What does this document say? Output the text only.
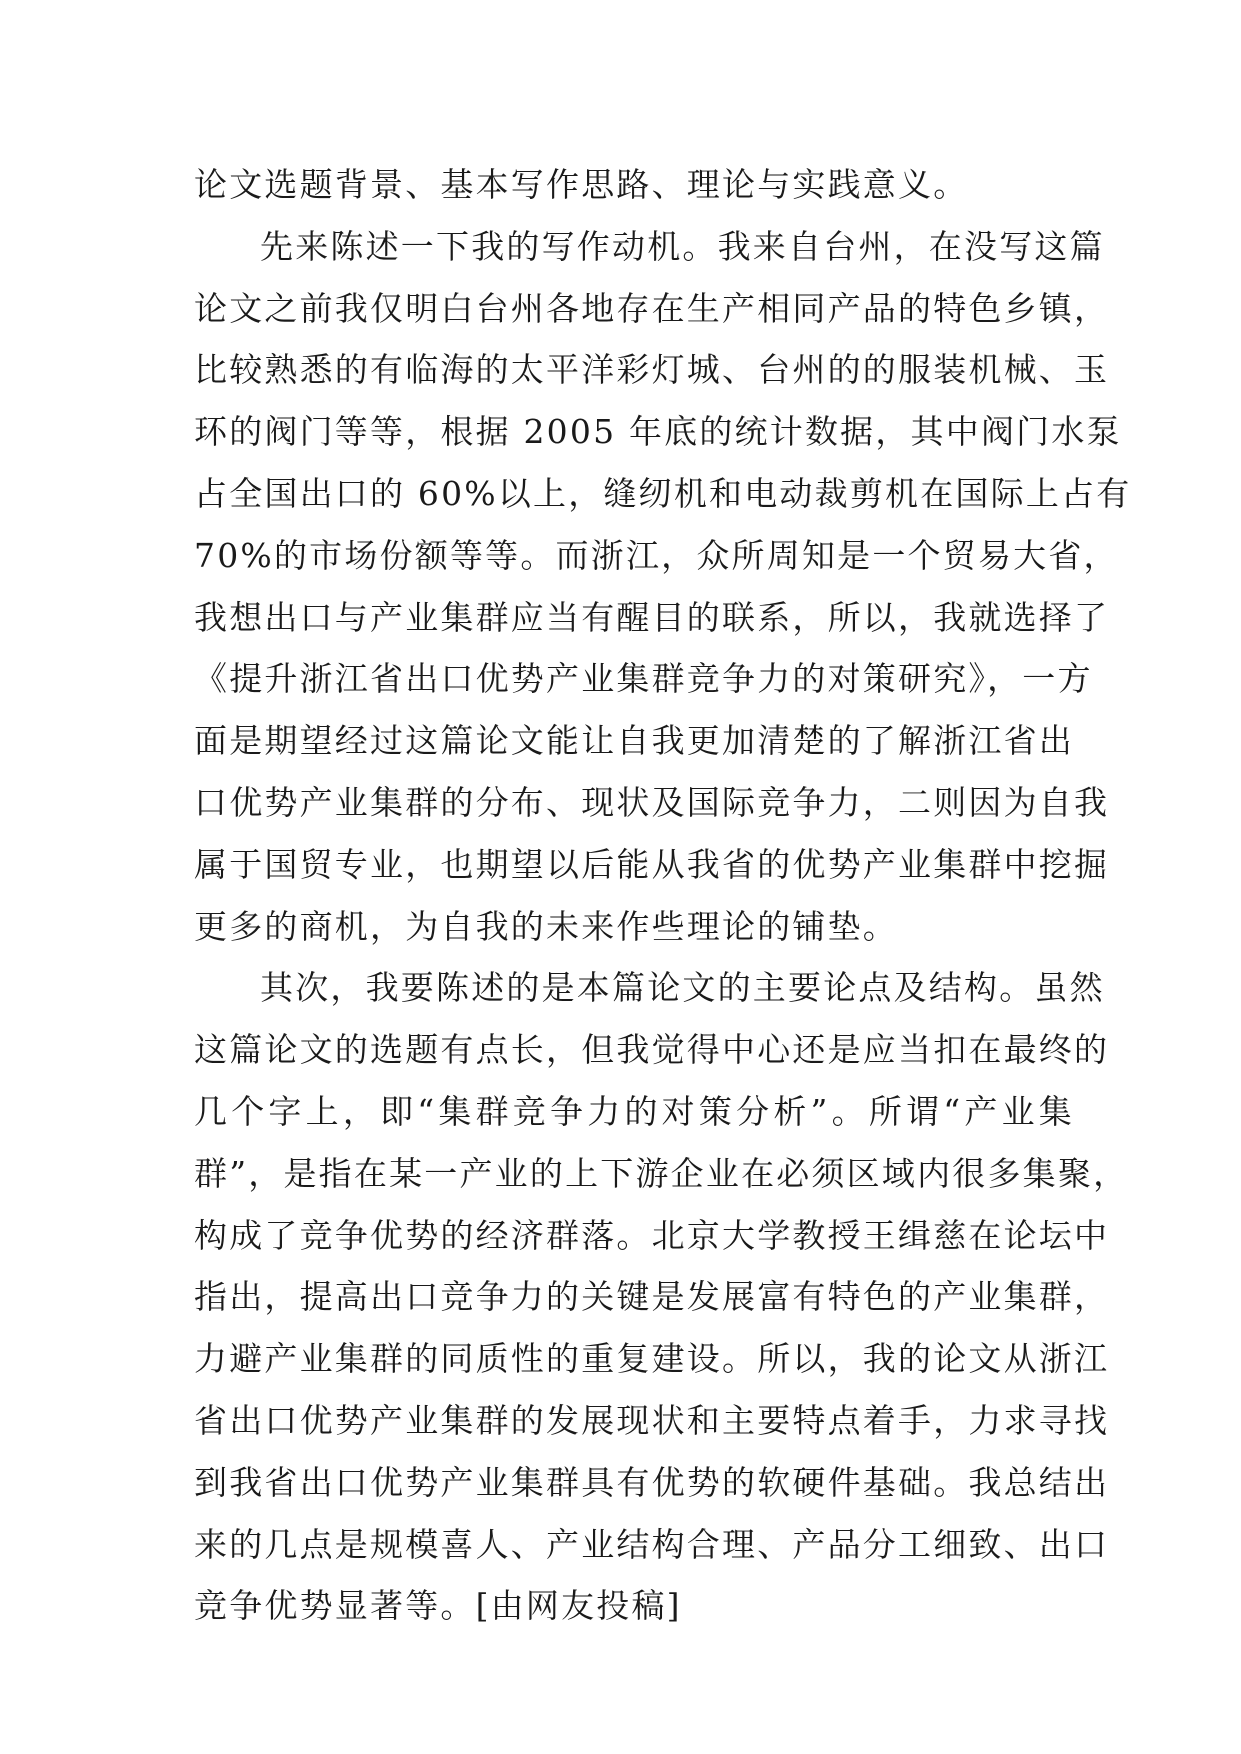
论文选题背景、基本写作思路、理论与实践意义。
先来陈述一下我的写作动机。我来自台州，在没写这篇
论文之前我仅明白台州各地存在生产相同产品的特色乡镇，
比较熟悉的有临海的太平洋彩灯城、台州的的服装机械、玉
环的阀门等等，根据 2005 年底的统计数据，其中阀门水泵
占全国出口的 60%以上，缝纫机和电动裁剪机在国际上占有
70%的市场份额等等。而浙江，众所周知是一个贸易大省，
我想出口与产业集群应当有醒目的联系，所以，我就选择了
《提升浙江省出口优势产业集群竞争力的对策研究》，一方
面是期望经过这篇论文能让自我更加清楚的了解浙江省出
口优势产业集群的分布、现状及国际竞争力，二则因为自我
属于国贸专业，也期望以后能从我省的优势产业集群中挖掘
更多的商机，为自我的未来作些理论的铺垫。
其次，我要陈述的是本篇论文的主要论点及结构。虽然
这篇论文的选题有点长，但我觉得中心还是应当扣在最终的
几个字上，即“集群竞争力的对策分析”。所谓“产业集
群”，是指在某一产业的上下游企业在必须区域内很多集聚，
构成了竞争优势的经济群落。北京大学教授王缉慈在论坛中
指出，提高出口竞争力的关键是发展富有特色的产业集群，
力避产业集群的同质性的重复建设。所以，我的论文从浙江
省出口优势产业集群的发展现状和主要特点着手，力求寻找
到我省出口优势产业集群具有优势的软硬件基础。我总结出
来的几点是规模喜人、产业结构合理、产品分工细致、出口
竞争优势显著等。[由网友投稿]
